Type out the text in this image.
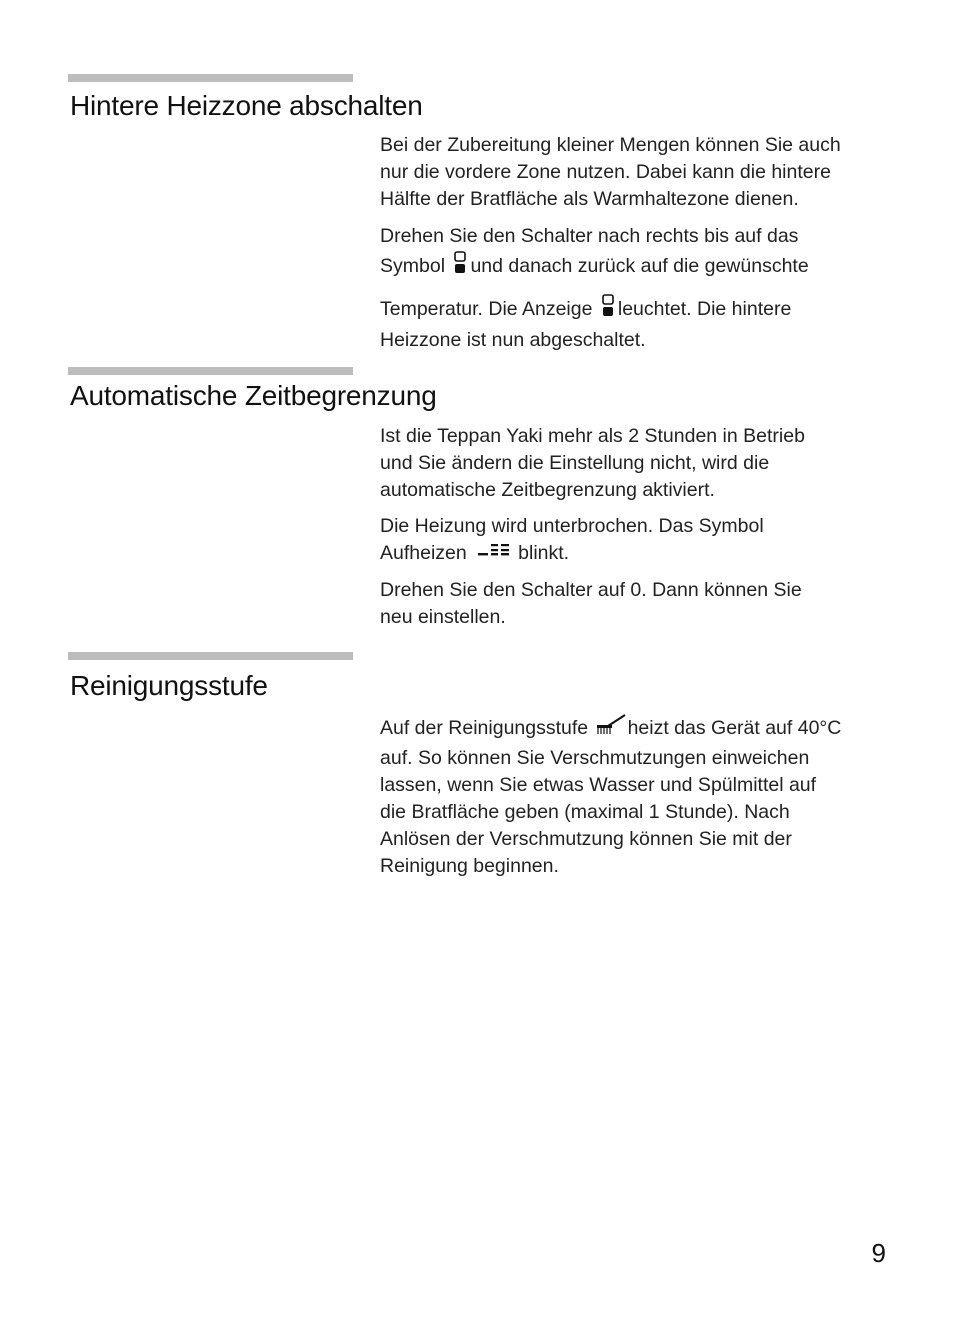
Hintere Heizzone abschalten

Bei der Zubereitung kleiner Mengen können Sie auch
nur die vordere Zone nutzen. Dabei kann die hintere
Hälfte der Bratfläche als Warmhaltezone dienen.

Drehen Sie den Schalter nach rechts bis auf das
Symbol und danach zurück auf die gewünschte

Temperatur. Die Anzeige leuchtet. Die hintere
Heizzone ist nun abgeschaltet.

Automatische Zeitbegrenzung

Ist die Teppan Yaki mehr als 2 Stunden in Betrieb
und Sie ändern die Einstellung nicht, wird die
automatische Zeitbegrenzung aktiviert.

Die Heizung wird unterbrochen. Das Symbol
Aufheizen	blinkt.

Drehen Sie den Schalter auf 0. Dann können Sie
neu einstellen.

Reinigungsstufe

Auf der Reinigungsstufe heizt das Gerät auf 40°C
auf. So können Sie Verschmutzungen einweichen
lassen, wenn Sie etwas Wasser und Spülmittel auf
die Bratfläche geben (maximal 1 Stunde). Nach
Anlösen der Verschmutzung können Sie mit der
Reinigung beginnen.

9
